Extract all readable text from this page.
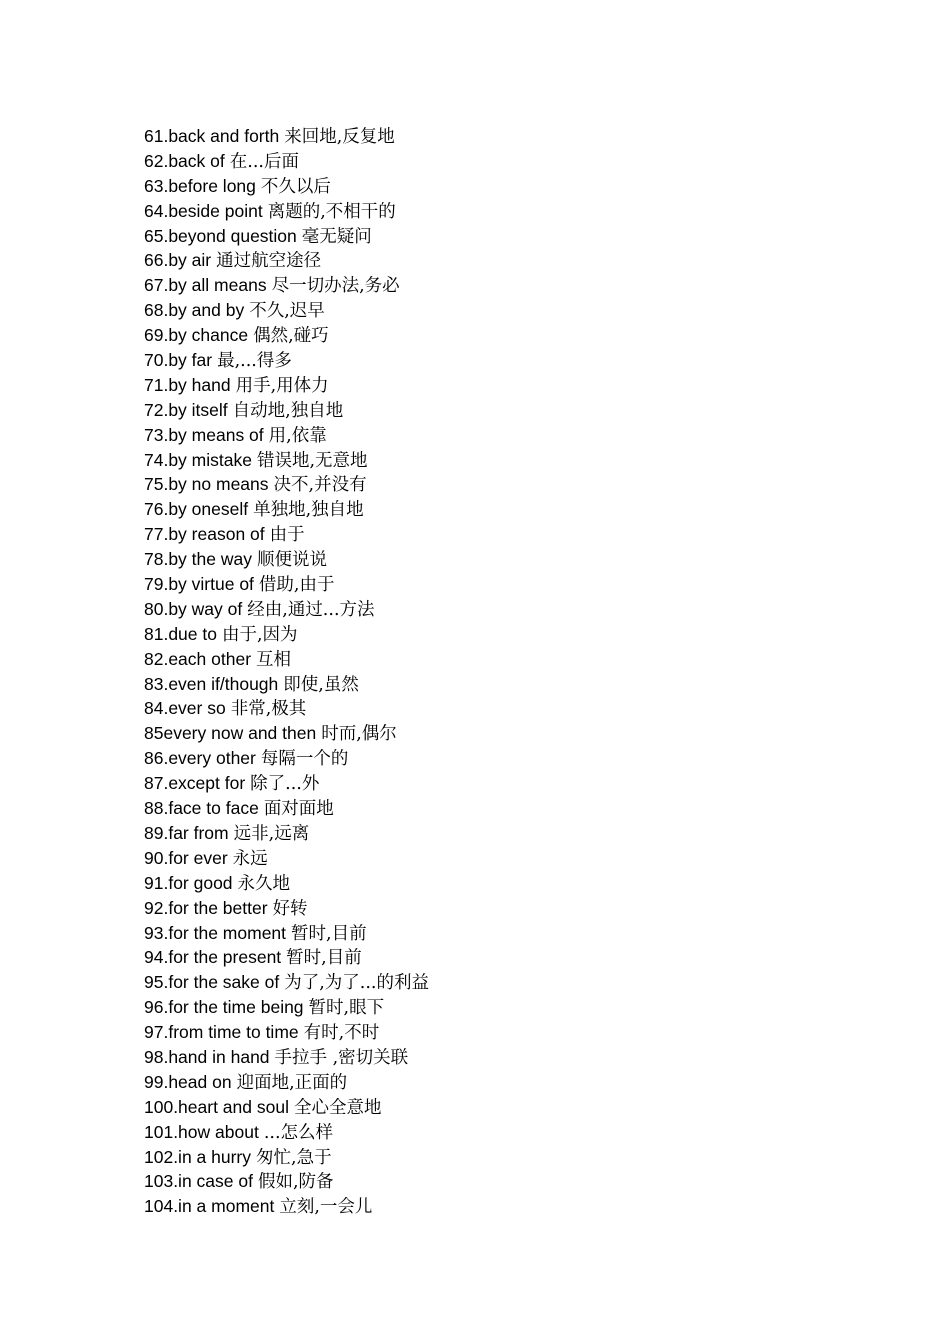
61.back and forth 来回地,反复地
62.back of 在...后面
63.before long 不久以后
64.beside point 离题的,不相干的
65.beyond question 毫无疑问
66.by air 通过航空途径
67.by all means 尽一切办法,务必
68.by and by 不久,迟早
69.by chance 偶然,碰巧
70.by far 最,...得多
71.by hand 用手,用体力
72.by itself 自动地,独自地
73.by means of 用,依靠
74.by mistake 错误地,无意地
75.by no means 决不,并没有
76.by oneself 单独地,独自地
77.by reason of 由于
78.by the way 顺便说说
79.by virtue of 借助,由于
80.by way of 经由,通过...方法
81.due to 由于,因为
82.each other 互相
83.even if/though 即使,虽然
84.ever so 非常,极其
85every now and then 时而,偶尔
86.every other 每隔一个的
87.except for 除了...外
88.face to face 面对面地
89.far from 远非,远离
90.for ever 永远
91.for good 永久地
92.for the better 好转
93.for the moment 暂时,目前
94.for the present 暂时,目前
95.for the sake of 为了,为了...的利益
96.for the time being 暂时,眼下
97.from time to time 有时,不时
98.hand in hand 手拉手 ,密切关联
99.head on 迎面地,正面的
100.heart and soul 全心全意地
101.how about ...怎么样
102.in a hurry 匆忙,急于
103.in case of 假如,防备
104.in a moment 立刻,一会儿
